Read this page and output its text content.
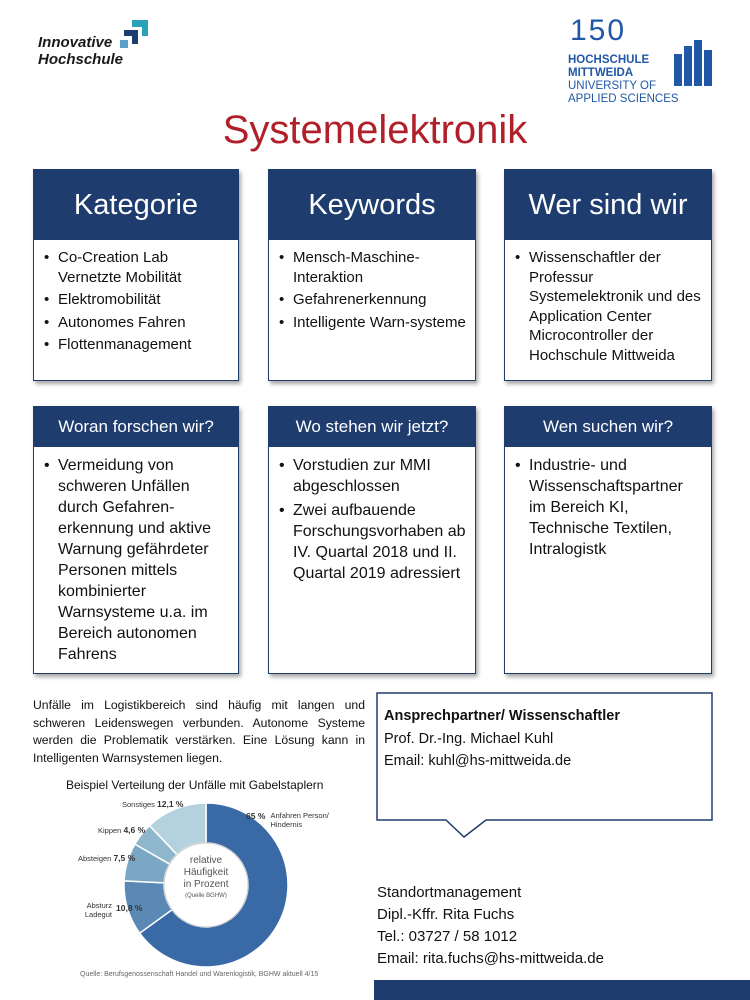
Innovative
Hochschule
150
HOCHSCHULE
MITTWEIDA
UNIVERSITY OF
APPLIED SCIENCES
Systemelektronik
Kategorie
• Co-Creation Lab Vernetzte Mobilität
• Elektromobilität
• Autonomes Fahren
• Flottenmanagement
Keywords
• Mensch-Maschine-Interaktion
• Gefahrenerkennung
• Intelligente Warn-systeme
Wer sind wir
• Wissenschaftler der Professur Systemelektronik und des Application Center Microcontroller der Hochschule Mittweida
Woran forschen wir?
• Vermeidung von schweren Unfällen durch Gefahren-erkennung und aktive Warnung gefährdeter Personen mittels kombinierter Warnsysteme u.a. im Bereich autonomen Fahrens
Wo stehen wir jetzt?
• Vorstudien zur MMI abgeschlossen
• Zwei aufbauende Forschungsvorhaben ab IV. Quartal 2018 und II. Quartal 2019 adressiert
Wen suchen wir?
• Industrie- und Wissenschaftspartner im Bereich KI, Technische Textilen, Intralogistk
Unfälle im Logistikbereich sind häufig mit langen und schweren Leidenswegen verbunden. Autonome Systeme werden die Problematik verstärken. Eine Lösung kann in Intelligenten Warnsystemen liegen.
Beispiel Verteilung der Unfälle mit Gabelstaplern
65 % Anfahren Person/ Hindernis
Absturz Ladegut
10,8 %
Absteigen 7,5 %
Kippen 4,6 %
Sonstiges 12,1 %
relative
Häufigkeit
in Prozent
(Quelle BGHW)
Quelle: Berufsgenossenschaft Handel und Warenlogistik, BGHW aktuell 4/15
Ansprechpartner/ Wissenschaftler
Prof. Dr.-Ing. Michael Kuhl
Email: kuhl@hs-mittweida.de
Standortmanagement
Dipl.-Kffr. Rita Fuchs
Tel.: 03727 / 58 1012
Email: rita.fuchs@hs-mittweida.de
